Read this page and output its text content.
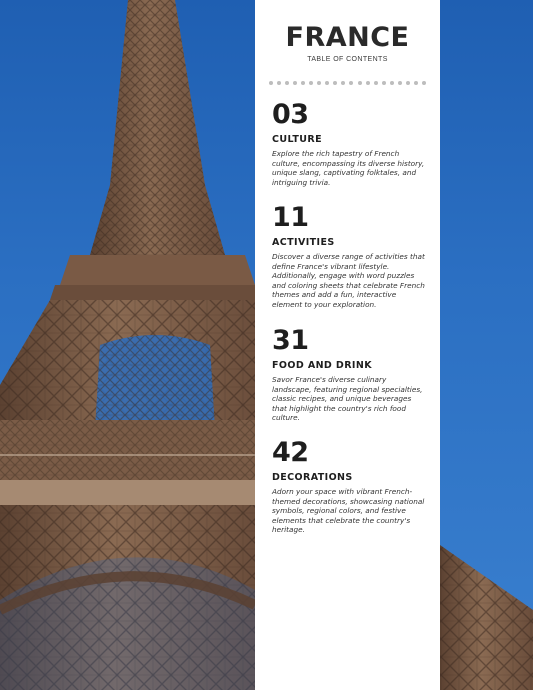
FRANCE
TABLE OF CONTENTS
03
CULTURE
Explore the rich tapestry of French culture, encompassing its diverse history, unique slang, captivating folktales, and intriguing trivia.
11
ACTIVITIES
Discover a diverse range of activities that define France's vibrant lifestyle. Additionally, engage with word puzzles and coloring sheets that celebrate French themes and add a fun, interactive element to your exploration.
31
FOOD AND DRINK
Savor France's diverse culinary landscape, featuring regional specialties, classic recipes, and unique beverages that highlight the country's rich food culture.
42
DECORATIONS
Adorn your space with vibrant French-themed decorations, showcasing national symbols, regional colors, and festive elements that celebrate the country's heritage.
